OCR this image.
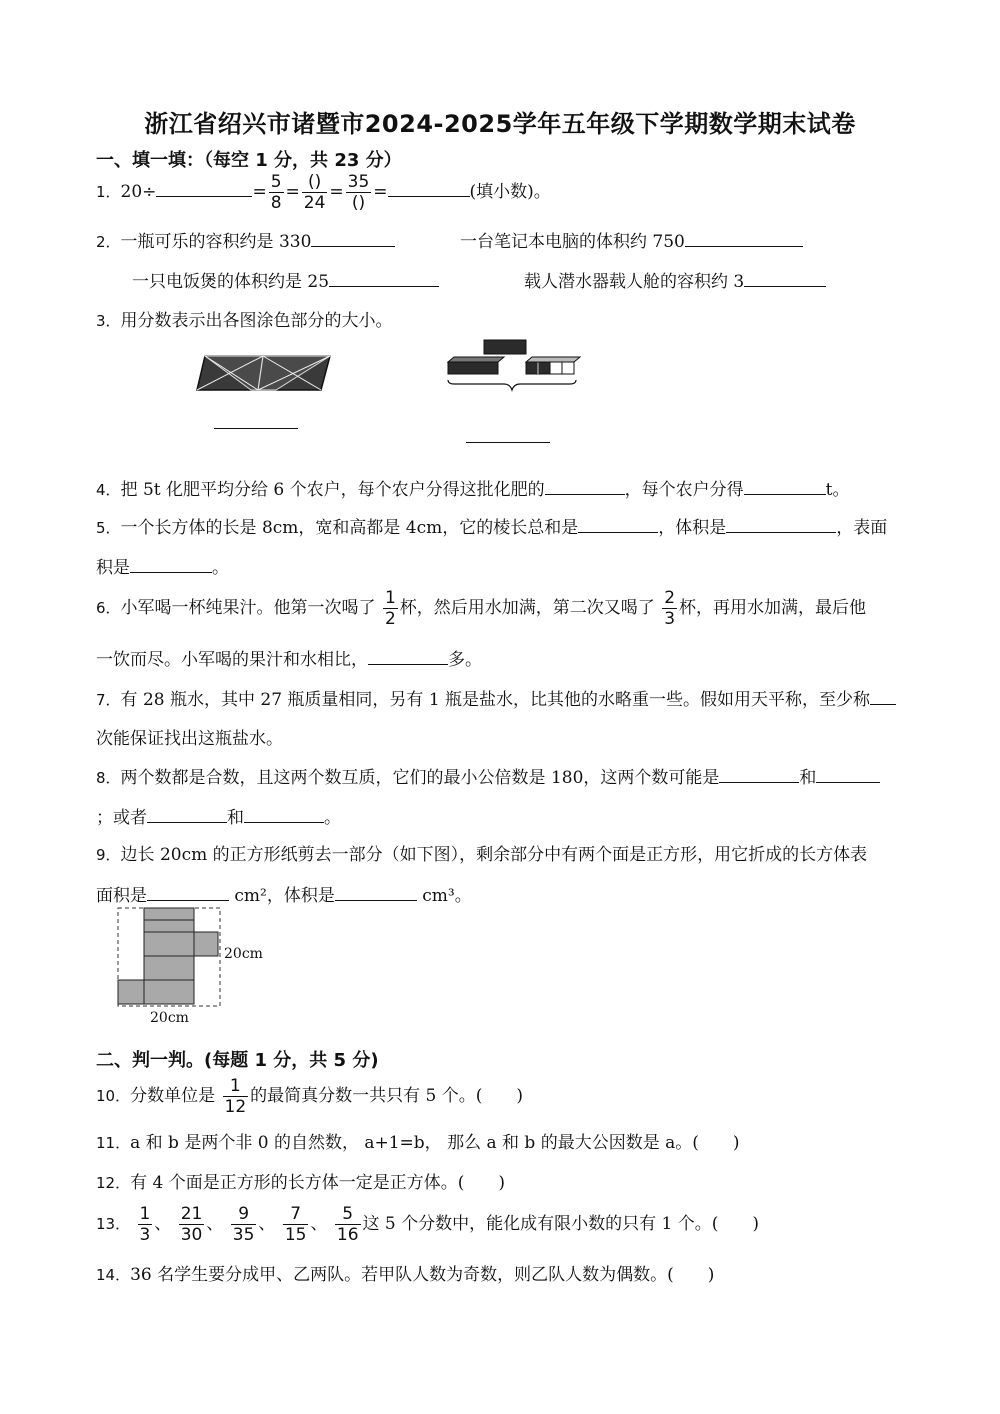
浙江省绍兴市诸暨市2024-2025学年五年级下学期数学期末试卷
一、填一填：（每空 1 分，共 23 分）
1．20÷	= $\frac{5}{8} = \frac{()}{24} = \frac{35}{()}$ =	(填小数)。
2．一瓶可乐的容积约是 330	一台笔记本电脑的体积约 750
一只电饭煲的体积约是 25	载人潜水器载人舱的容积约 3
3．用分数表示出各图涂色部分的大小。
4．把 5t 化肥平均分给 6 个农户，每个农户分得这批化肥的	，每个农户分得	t。
5．一个长方体的长是 8cm，宽和高都是 4cm，它的棱长总和是	，体积是	，表面
积是	。
6．小军喝一杯纯果汁。他第一次喝了 $\frac{1}{2}$ 杯，然后用水加满，第二次又喝了 $\frac{2}{3}$ 杯，再用水加满，最后他
一饮而尽。小军喝的果汁和水相比，	多。
7．有 28 瓶水，其中 27 瓶质量相同，另有 1 瓶是盐水，比其他的水略重一些。假如用天平称，至少称
次能保证找出这瓶盐水。
8．两个数都是合数，且这两个数互质，它们的最小公倍数是 180，这两个数可能是	和
；或者	和	。
9．边长 20cm 的正方形纸剪去一部分（如下图），剩余部分中有两个面是正方形，用它折成的长方体表
面积是	cm²，体积是	cm³。
20cm
20cm
二、判一判。(每题 1 分，共 5 分)
10．分数单位是 $\frac{1}{12}$ 的最简真分数一共只有 5 个。(　　)
11．a 和 b 是两个非 0 的自然数， a+1=b， 那么 a 和 b 的最大公因数是 a。(　　)
12．有 4 个面是正方形的长方体一定是正方体。(　　)
13． $\frac{1}{3}$ 、 $\frac{21}{30}$ 、 $\frac{9}{35}$ 、 $\frac{7}{15}$ 、 $\frac{5}{16}$ 这 5 个分数中，能化成有限小数的只有 1 个。(　　)
14．36 名学生要分成甲、乙两队。若甲队人数为奇数，则乙队人数为偶数。(　　)
